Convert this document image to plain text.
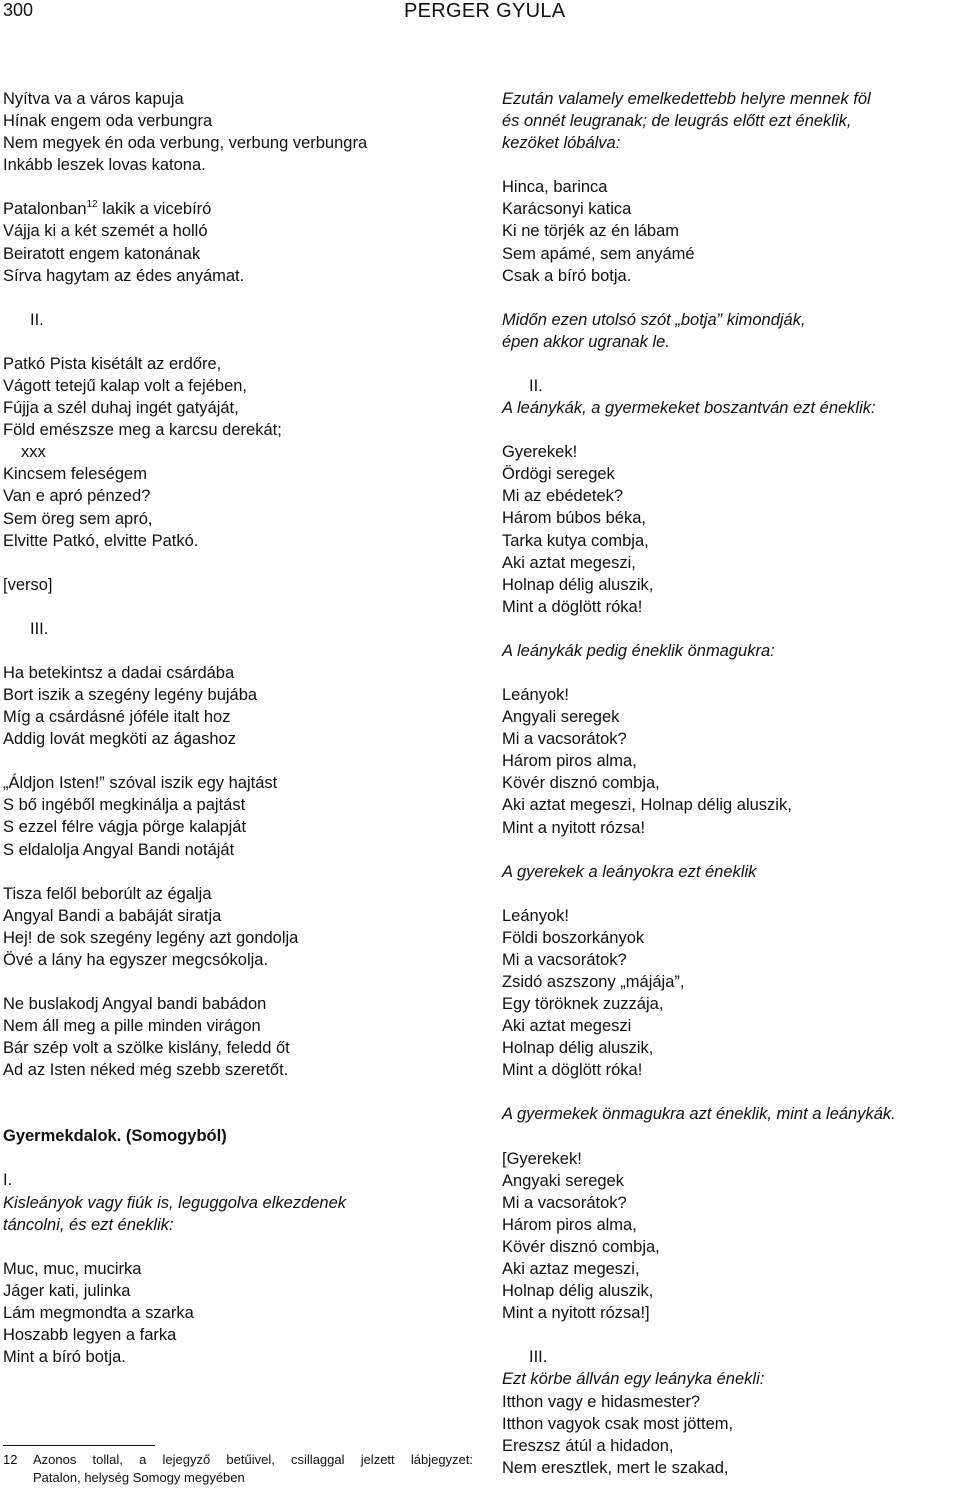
300	PERGER GYULA
Nyítva va a város kapuja
Hínak engem oda verbungra
Nem megyek én oda verbung, verbung verbungra
Inkább leszek lovas katona.
Patalonban$^{12}$ lakik a vicebíró
Vájja ki a két szemét a holló
Beiratott engem katonának
Sírva hagytam az édes anyámat.
II.
Patkó Pista kisétált az erdőre,
Vágott tetejű kalap volt a fejében,
Fújja a szél duhaj ingét gatyáját,
Föld emészsze meg a karcsu derekát;
xxx
Kincsem feleségem
Van e apró pénzed?
Sem öreg sem apró,
Elvitte Patkó, elvitte Patkó.
[verso]
III.
Ha betekintsz a dadai csárdába
Bort iszik a szegény legény bujába
Míg a csárdásné jóféle italt hoz
Addig lovát megköti az ágashoz
„Áldjon Isten!” szóval iszik egy hajtást
S bő ingéből megkinálja a pajtást
S ezzel félre vágja pörge kalapját
S eldalolja Angyal Bandi notáját
Tisza felől beborúlt az égalja
Angyal Bandi a babáját siratja
Hej! de sok szegény legény azt gondolja
Övé a lány ha egyszer megcsókolja.
Ne buslakodj Angyal bandi babádon
Nem áll meg a pille minden virágon
Bár szép volt a szölke kislány, feledd őt
Ad az Isten néked még szebb szeretőt.
Gyermekdalok. (Somogyból)
I.
Kisleányok vagy fiúk is, leguggolva elkezdenek
táncolni, és ezt éneklik:
Muc, muc, mucirka
Jáger kati, julinka
Lám megmondta a szarka
Hoszabb legyen a farka
Mint a bíró botja.
Ezután valamely emelkedettebb helyre mennek föl
és onnét leugranak; de leugrás előtt ezt éneklik,
kezöket lóbálva:
Hinca, barinca
Karácsonyi katica
Ki ne törjék az én lábam
Sem apámé, sem anyámé
Csak a bíró botja.
Midőn ezen utolsó szót „botja” kimondják,
épen akkor ugranak le.
II.
A leánykák, a gyermekeket boszantván ezt éneklik:
Gyerekek!
Ördögi seregek
Mi az ebédetek?
Három búbos béka,
Tarka kutya combja,
Aki aztat megeszi,
Holnap délig aluszik,
Mint a döglött róka!
A leánykák pedig éneklik önmagukra:
Leányok!
Angyali seregek
Mi a vacsorátok?
Három piros alma,
Kövér disznó combja,
Aki aztat megeszi, Holnap délig aluszik,
Mint a nyitott rózsa!
A gyerekek a leányokra ezt éneklik
Leányok!
Földi boszorkányok
Mi a vacsorátok?
Zsidó aszszony „májája”,
Egy töröknek zuzzája,
Aki aztat megeszi
Holnap délig aluszik,
Mint a döglött róka!
A gyermekek önmagukra azt éneklik, mint a leánykák.
[Gyerekek!
Angyaki seregek
Mi a vacsorátok?
Három piros alma,
Kövér disznó combja,
Aki aztaz megeszi,
Holnap délig aluszik,
Mint a nyitott rózsa!]
III.
Ezt körbe állván egy leányka énekli:
Itthon vagy e hidasmester?
Itthon vagyok csak most jöttem,
Ereszsz átúl a hidadon,
Nem eresztlek, mert le szakad,
12	Azonos tollal, a lejegyző betűivel, csillaggal jelzett lábjegyzet:
Patalon, helység Somogy megyében
